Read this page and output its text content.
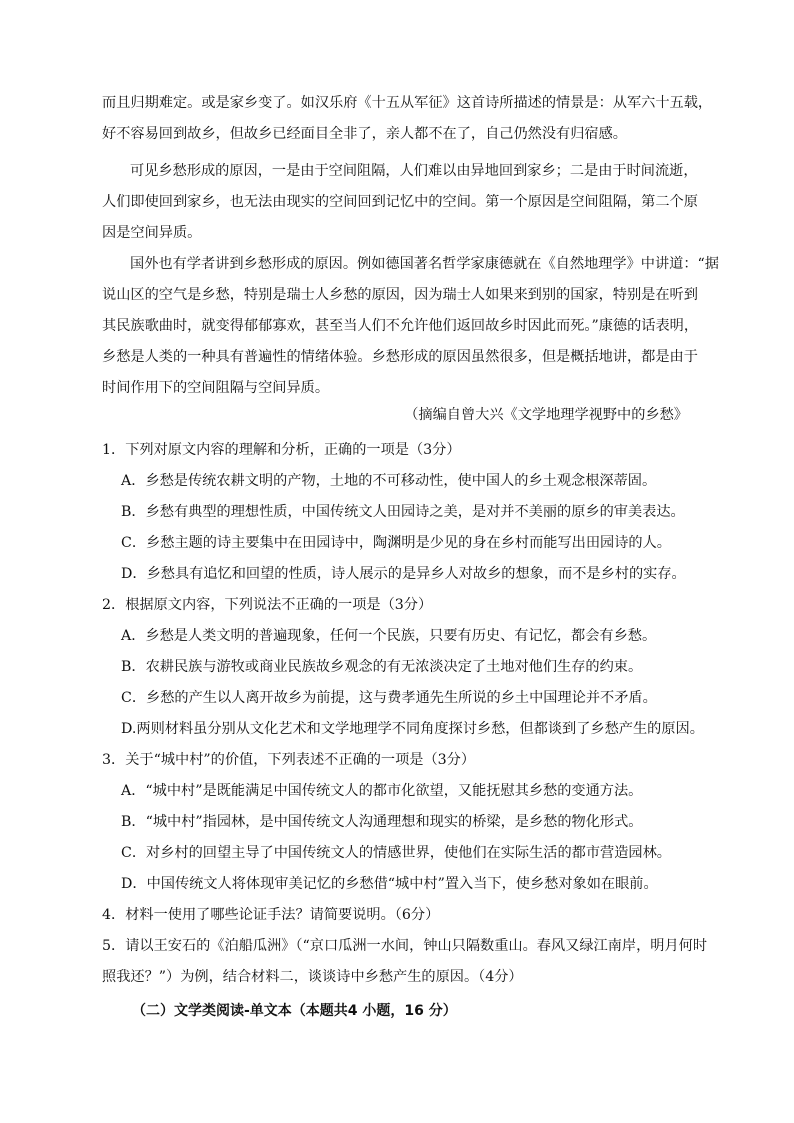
而且归期难定。或是家乡变了。如汉乐府《十五从军征》这首诗所描述的情景是：从军六十五载，
好不容易回到故乡，但故乡已经面目全非了，亲人都不在了，自己仍然没有归宿感。

可见乡愁形成的原因，一是由于空间阻隔，人们难以由异地回到家乡；二是由于时间流逝，
人们即使回到家乡，也无法由现实的空间回到记忆中的空间。第一个原因是空间阻隔，第二个原
因是空间异质。

国外也有学者讲到乡愁形成的原因。例如德国著名哲学家康德就在《自然地理学》中讲道：“据
说山区的空气是乡愁，特别是瑞士人乡愁的原因，因为瑞士人如果来到别的国家，特别是在听到
其民族歌曲时，就变得郁郁寡欢，甚至当人们不允许他们返回故乡时因此而死。”康德的话表明，
乡愁是人类的一种具有普遍性的情绪体验。乡愁形成的原因虽然很多，但是概括地讲，都是由于
时间作用下的空间阻隔与空间异质。

（摘编自曾大兴《文学地理学视野中的乡愁》
1．下列对原文内容的理解和分析，正确的一项是（3分）
A．乡愁是传统农耕文明的产物，土地的不可移动性，使中国人的乡土观念根深蒂固。
B．乡愁有典型的理想性质，中国传统文人田园诗之美，是对并不美丽的原乡的审美表达。
C．乡愁主题的诗主要集中在田园诗中，陶渊明是少见的身在乡村而能写出田园诗的人。
D．乡愁具有追忆和回望的性质，诗人展示的是异乡人对故乡的想象，而不是乡村的实存。
2．根据原文内容，下列说法不正确的一项是（3分）
A．乡愁是人类文明的普遍现象，任何一个民族，只要有历史、有记忆，都会有乡愁。
B．农耕民族与游牧或商业民族故乡观念的有无浓淡决定了土地对他们生存的约束。
C．乡愁的产生以人离开故乡为前提，这与费孝通先生所说的乡土中国理论并不矛盾。
D.两则材料虽分别从文化艺术和文学地理学不同角度探讨乡愁，但都谈到了乡愁产生的原因。
3．关于“城中村”的价值，下列表述不正确的一项是（3分）
A．“城中村”是既能满足中国传统文人的都市化欲望，又能抚慰其乡愁的变通方法。
B．“城中村”指园林，是中国传统文人沟通理想和现实的桥梁，是乡愁的物化形式。
C．对乡村的回望主导了中国传统文人的情感世界，使他们在实际生活的都市营造园林。
D．中国传统文人将体现审美记忆的乡愁借“城中村”置入当下，使乡愁对象如在眼前。
4．材料一使用了哪些论证手法？请简要说明。（6分）
5．请以王安石的《泊船瓜洲》（“京口瓜洲一水间，钟山只隔数重山。春风又绿江南岸，明月何时
照我还？”）为例，结合材料二，谈谈诗中乡愁产生的原因。（4分）
（二）文学类阅读-单文本（本题共4 小题，16 分）
